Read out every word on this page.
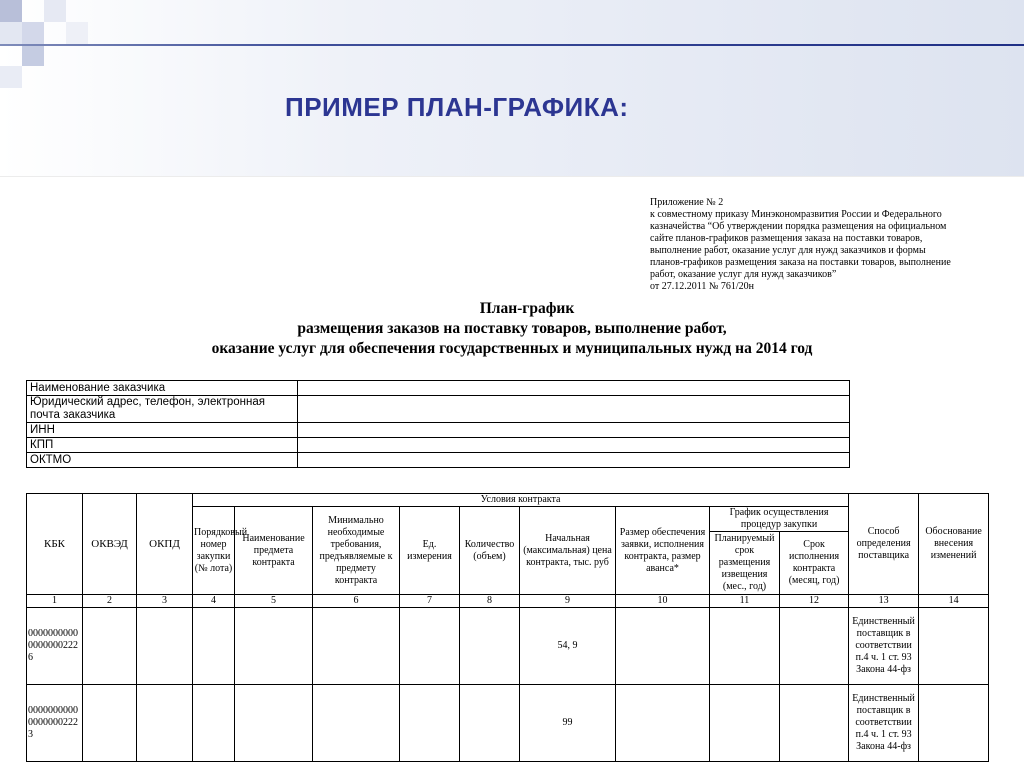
ПРИМЕР ПЛАН-ГРАФИКА:
Приложение № 2
к совместному приказу Минэкономразвития России и Федерального
казначейства “Об утверждении порядка размещения на официальном
сайте планов-графиков размещения заказа на поставки товаров,
выполнение работ, оказание услуг для нужд заказчиков и формы
планов-графиков размещения заказа на поставки товаров, выполнение
работ, оказание услуг для нужд заказчиков”
от 27.12.2011 № 761/20н
План-график
размещения заказов на поставку товаров, выполнение работ,
оказание услуг для обеспечения государственных и муниципальных нужд на 2014 год
Наименование заказчика	
Юридический адрес, телефон, электронная почта заказчика	
ИНН	
КПП	
ОКТМО	
КБК	ОКВЭД	ОКПД	Условия контракта									Способ определения поставщика	Обоснование внесения изменений
			Порядковый номер закупки (№ лота)	Наименование предмета контракта	Минимально необходимые требования, предъявляемые к предмету контракта	Ед. измерения	Количество (объем)	Начальная (максимальная) цена контракта, тыс. руб	Размер обеспечения заявки, исполнения контракта, размер аванса*	График осуществления процедур закупки			
										Планируемый срок размещения извещения (мес., год)	Срок исполнения контракта (месяц, год)		
1	2	3	4	5	6	7	8	9	10	11	12	13	14
000000000000000002226								54, 9				Единственный поставщик в соответствии п.4 ч. 1 ст. 93 Закона 44-фз	
000000000000000002223								99				Единственный поставщик в соответствии п.4 ч. 1 ст. 93 Закона 44-фз	
